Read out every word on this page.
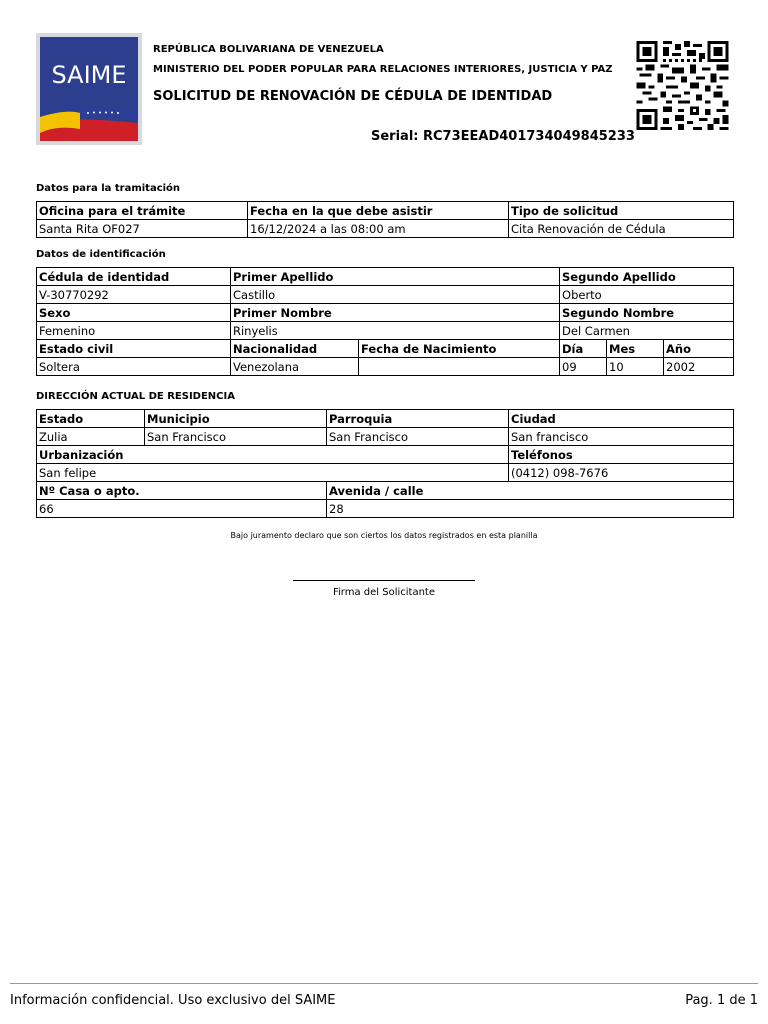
SAIME
REPÚBLICA BOLIVARIANA DE VENEZUELA
MINISTERIO DEL PODER POPULAR PARA RELACIONES INTERIORES, JUSTICIA Y PAZ
SOLICITUD DE RENOVACIÓN DE CÉDULA DE IDENTIDAD
Serial: RC73EEAD401734049845233
Datos para la tramitación
Oficina para el trámite	Fecha en la que debe asistir	Tipo de solicitud
Santa Rita OF027	16/12/2024 a las 08:00 am	Cita Renovación de Cédula
Datos de identificación
Cédula de identidad	Primer Apellido		Segundo Apellido		
V-30770292	Castillo		Oberto		
Sexo	Primer Nombre		Segundo Nombre		
Femenino	Rinyelis		Del Carmen		
Estado civil	Nacionalidad	Fecha de Nacimiento	Día	Mes	Año
Soltera	Venezolana		09	10	2002
DIRECCIÓN ACTUAL DE RESIDENCIA
Estado	Municipio	Parroquia	Ciudad
Zulia	San Francisco	San Francisco	San francisco
Urbanización			Teléfonos
San felipe			(0412) 098-7676
Nº Casa o apto.		Avenida / calle	
66		28	
Bajo juramento declaro que son ciertos los datos registrados en esta planilla
Firma del Solicitante
Información confidencial. Uso exclusivo del SAIME	Pag. 1 de 1
